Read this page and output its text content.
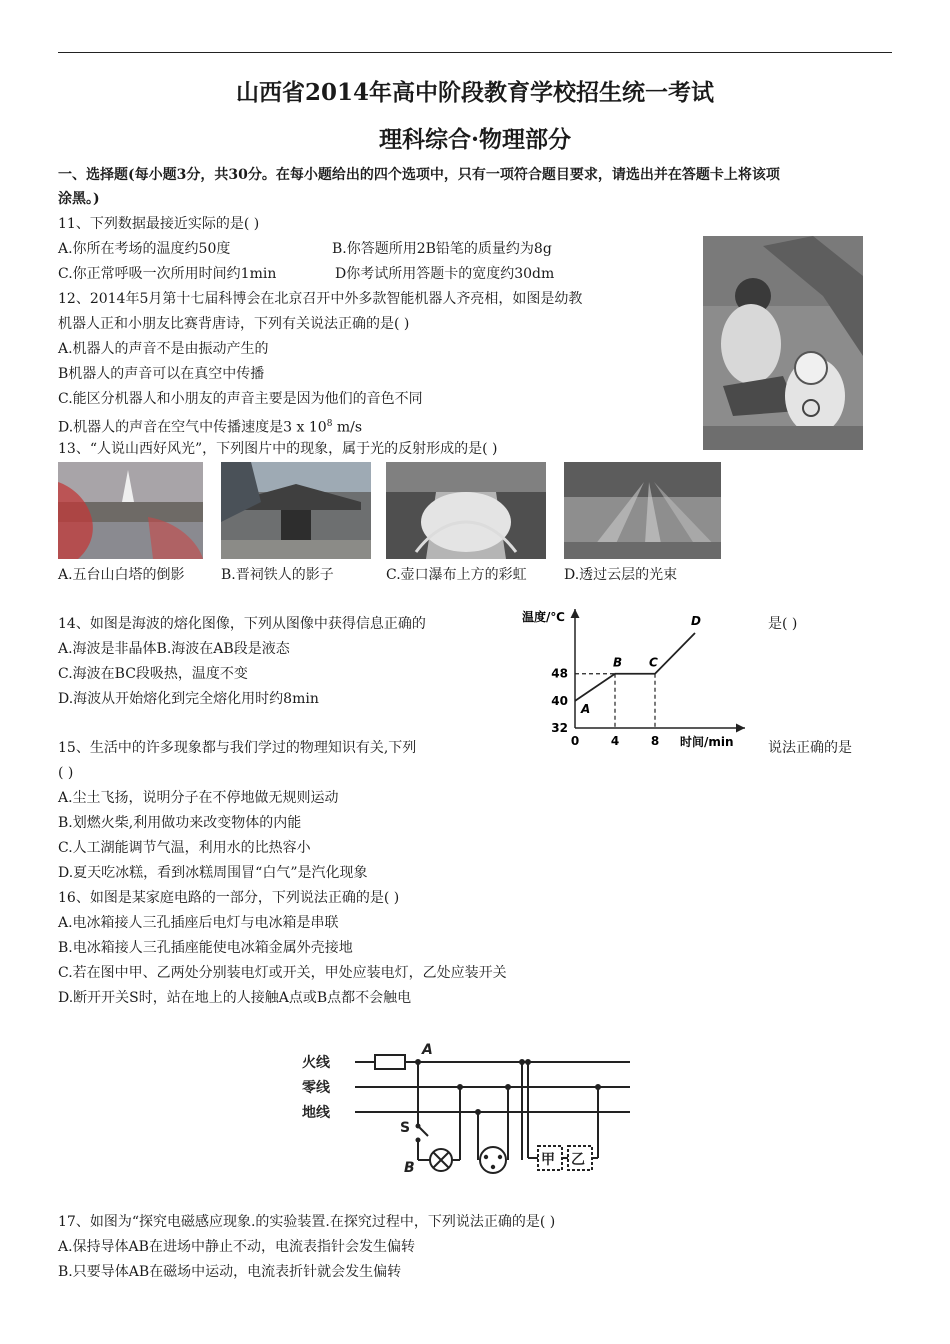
山西省2014年高中阶段教育学校招生统一考试
理科综合·物理部分
一、选择题(每小题3分，共30分。在每小题给出的四个选项中，只有一项符合题目要求，请选出并在答题卡上将该项
涂黑。)
11、下列数据最接近实际的是( )
A.你所在考场的温度约50度	B.你答题所用2B铅笔的质量约为8g
C.你正常呼吸一次所用时间约1min	D你考试所用答题卡的宽度约30dm
12、2014年5月第十七届科博会在北京召开中外多款智能机器人齐亮相，如图是幼教
机器人正和小朋友比赛背唐诗，下列有关说法正确的是( )
A.机器人的声音不是由振动产生的
B机器人的声音可以在真空中传播
C.能区分机器人和小朋友的声音主要是因为他们的音色不同
D.机器人的声音在空气中传播速度是3 x $10^8$ m/s
13、“人说山西好风光”，下列图片中的现象，属于光的反射形成的是( )
A.五台山白塔的倒影	B.晋祠铁人的影子	C.壶口瀑布上方的彩虹	D.透过云层的光束
14、如图是海波的熔化图像，下列从图像中获得信息正确的	是( )
A.海波是非晶体B.海波在AB段是液态
C.海波在BC段吸热，温度不变
D.海波从开始熔化到完全熔化用时约8min
温度/℃
时间/min
32
40
48
0	4	8
A
B C
D
15、生活中的许多现象都与我们学过的物理知识有关,下列	说法正确的是
( )
A.尘土飞扬，说明分子在不停地做无规则运动
B.划燃火柴,利用做功来改变物体的内能
C.人工湖能调节气温，利用水的比热容小
D.夏天吃冰糕，看到冰糕周围冒“白气”是汽化现象
16、如图是某家庭电路的一部分，下列说法正确的是( )
A.电冰箱接人三孔插座后电灯与电冰箱是串联
B.电冰箱接人三孔插座能使电冰箱金属外壳接地
C.若在图中甲、乙两处分别装电灯或开关，甲处应装电灯，乙处应装开关
D.断开开关S时，站在地上的人接触A点或B点都不会触电
火线
零线
地线
A
S
B	甲 乙
17、如图为“探究电磁感应现象.的实验装置.在探究过程中，下列说法正确的是( )
A.保持导体AB在进场中静止不动，电流表指针会发生偏转
B.只要导体AB在磁场中运动，电流表折针就会发生偏转
